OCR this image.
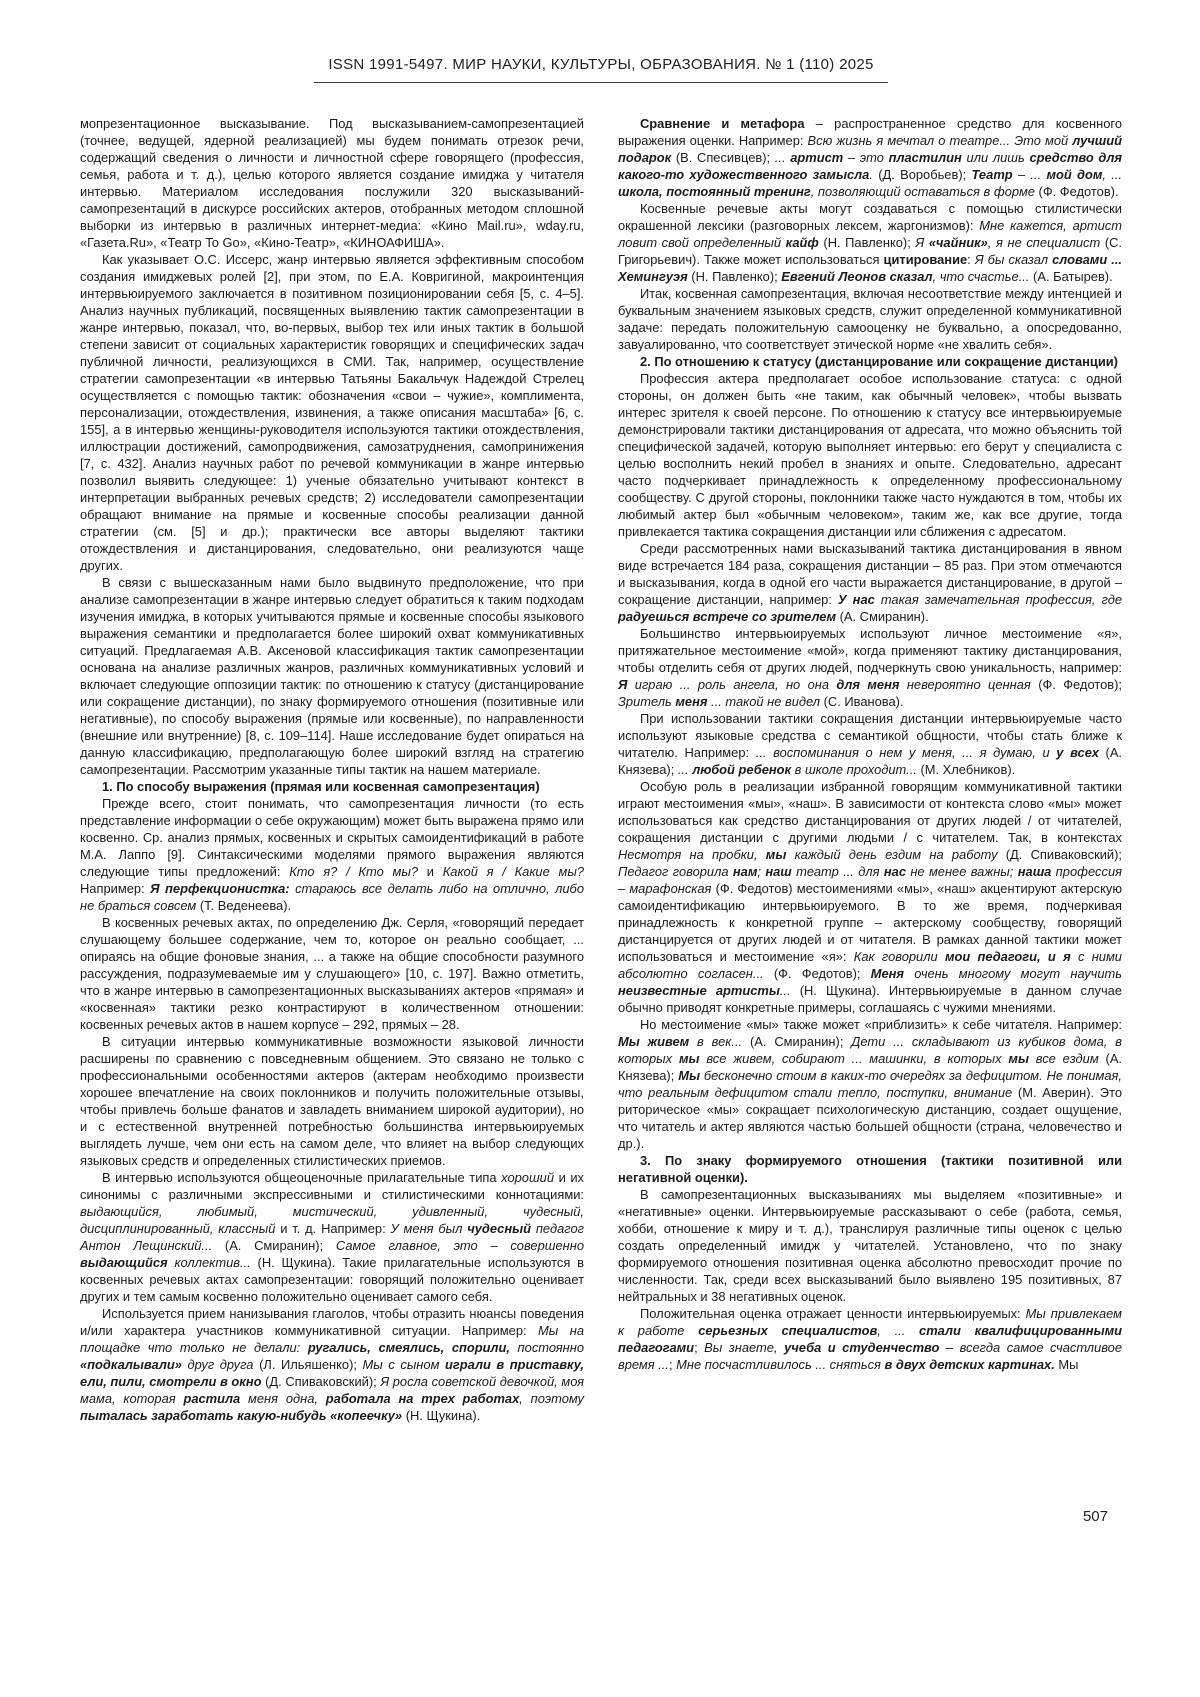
ISSN 1991-5497. МИР НАУКИ, КУЛЬТУРЫ, ОБРАЗОВАНИЯ. № 1 (110) 2025

мопрезентационное высказывание. Под высказыванием-самопрезентацией (точнее, ведущей, ядерной реализацией) мы будем понимать отрезок речи, содержащий сведения о личности и личностной сфере говорящего (профессия, семья, работа и т. д.), целью которого является создание имиджа у читателя интервью. Материалом исследования послужили 320 высказываний-самопрезентаций в дискурсе российских актеров, отобранных методом сплошной выборки из интервью в различных интернет-медиа: «Кино Mail.ru», wday.ru, «Газета.Ru», «Театр To Go», «Кино-Театр», «КИНОАФИША».

Как указывает О.С. Иссерс, жанр интервью является эффективным способом создания имиджевых ролей [2], при этом, по Е.А. Ковригиной, макроинтенция интервьюируемого заключается в позитивном позиционировании себя [5, с. 4–5]. Анализ научных публикаций, посвященных выявлению тактик самопрезентации в жанре интервью, показал, что, во-первых, выбор тех или иных тактик в большой степени зависит от социальных характеристик говорящих и специфических задач публичной личности, реализующихся в СМИ. Так, например, осуществление стратегии самопрезентации «в интервью Татьяны Бакальчук Надеждой Стрелец осуществляется с помощью тактик: обозначения «свои – чужие», комплимента, персонализации, отождествления, извинения, а также описания масштаба» [6, с. 155], а в интервью женщины-руководителя используются тактики отождествления, иллюстрации достижений, самопродвижения, самозатруднения, самопринижения [7, с. 432]. Анализ научных работ по речевой коммуникации в жанре интервью позволил выявить следующее: 1) ученые обязательно учитывают контекст в интерпретации выбранных речевых средств; 2) исследователи самопрезентации обращают внимание на прямые и косвенные способы реализации данной стратегии (см. [5] и др.); практически все авторы выделяют тактики отождествления и дистанцирования, следовательно, они реализуются чаще других.

В связи с вышесказанным нами было выдвинуто предположение, что при анализе самопрезентации в жанре интервью следует обратиться к таким подходам изучения имиджа, в которых учитываются прямые и косвенные способы языкового выражения семантики и предполагается более широкий охват коммуникативных ситуаций. Предлагаемая А.В. Аксеновой классификация тактик самопрезентации основана на анализе различных жанров, различных коммуникативных условий и включает следующие оппозиции тактик: по отношению к статусу (дистанцирование или сокращение дистанции), по знаку формируемого отношения (позитивные или негативные), по способу выражения (прямые или косвенные), по направленности (внешние или внутренние) [8, с. 109–114]. Наше исследование будет опираться на данную классификацию, предполагающую более широкий взгляд на стратегию самопрезентации. Рассмотрим указанные типы тактик на нашем материале.

1. По способу выражения (прямая или косвенная самопрезентация)

Прежде всего, стоит понимать, что самопрезентация личности (то есть представление информации о себе окружающим) может быть выражена прямо или косвенно. Ср. анализ прямых, косвенных и скрытых самоидентификаций в работе М.А. Лаппо [9]. Синтаксическими моделями прямого выражения являются следующие типы предложений: Кто я? / Кто мы? и Какой я / Какие мы? Например: Я перфекционистка: стараюсь все делать либо на отлично, либо не браться совсем (Т. Веденеева).

В косвенных речевых актах, по определению Дж. Серля, «говорящий передает слушающему большее содержание, чем то, которое он реально сообщает, ... опираясь на общие фоновые знания, ... а также на общие способности разумного рассуждения, подразумеваемые им у слушающего» [10, с. 197]. Важно отметить, что в жанре интервью в самопрезентационных высказываниях актеров «прямая» и «косвенная» тактики резко контрастируют в количественном отношении: косвенных речевых актов в нашем корпусе – 292, прямых – 28.

В ситуации интервью коммуникативные возможности языковой личности расширены по сравнению с повседневным общением. Это связано не только с профессиональными особенностями актеров (актерам необходимо произвести хорошее впечатление на своих поклонников и получить положительные отзывы, чтобы привлечь больше фанатов и завладеть вниманием широкой аудитории), но и с естественной внутренней потребностью большинства интервьюируемых выглядеть лучше, чем они есть на самом деле, что влияет на выбор следующих языковых средств и определенных стилистических приемов.

В интервью используются общеоценочные прилагательные типа хороший и их синонимы с различными экспрессивными и стилистическими коннотациями: выдающийся, любимый, мистический, удивленный, чудесный, дисциплинированный, классный и т. д. Например: У меня был чудесный педагог Антон Лещинский... (А. Смиранин); Самое главное, это – совершенно выдающийся коллектив... (Н. Щукина). Такие прилагательные используются в косвенных речевых актах самопрезентации: говорящий положительно оценивает других и тем самым косвенно положительно оценивает самого себя.

Используется прием нанизывания глаголов, чтобы отразить нюансы поведения и/или характера участников коммуникативной ситуации. Например: Мы на площадке что только не делали: ругались, смеялись, спорили, постоянно «подкалывали» друг друга (Л. Ильяшенко); Мы с сыном играли в приставку, ели, пили, смотрели в окно (Д. Спиваковский); Я росла советской девочкой, моя мама, которая растила меня одна, работала на трех работах, поэтому пыталась заработать какую-нибудь «копеечку» (Н. Щукина).

Сравнение и метафора – распространенное средство для косвенного выражения оценки. Например: Всю жизнь я мечтал о театре... Это мой лучший подарок (В. Спесивцев); ... артист – это пластилин или лишь средство для какого-то художественного замысла. (Д. Воробьев); Театр – ... мой дом, ... школа, постоянный тренинг, позволяющий оставаться в форме (Ф. Федотов).

Косвенные речевые акты могут создаваться с помощью стилистически окрашенной лексики (разговорных лексем, жаргонизмов): Мне кажется, артист ловит свой определенный кайф (Н. Павленко); Я «чайник», я не специалист (С. Григорьевич). Также может использоваться цитирование: Я бы сказал словами ... Хемингуэя (Н. Павленко); Евгений Леонов сказал, что счастье... (А. Батырев).

Итак, косвенная самопрезентация, включая несоответствие между интенцией и буквальным значением языковых средств, служит определенной коммуникативной задаче: передать положительную самооценку не буквально, а опосредованно, завуалированно, что соответствует этической норме «не хвалить себя».

2. По отношению к статусу (дистанцирование или сокращение дистанции)

Профессия актера предполагает особое использование статуса: с одной стороны, он должен быть «не таким, как обычный человек», чтобы вызвать интерес зрителя к своей персоне. По отношению к статусу все интервьюируемые демонстрировали тактики дистанцирования от адресата, что можно объяснить той специфической задачей, которую выполняет интервью: его берут у специалиста с целью восполнить некий пробел в знаниях и опыте. Следовательно, адресант часто подчеркивает принадлежность к определенному профессиональному сообществу. С другой стороны, поклонники также часто нуждаются в том, чтобы их любимый актер был «обычным человеком», таким же, как все другие, тогда привлекается тактика сокращения дистанции или сближения с адресатом.

Среди рассмотренных нами высказываний тактика дистанцирования в явном виде встречается 184 раза, сокращения дистанции – 85 раз. При этом отмечаются и высказывания, когда в одной его части выражается дистанцирование, в другой – сокращение дистанции, например: У нас такая замечательная профессия, где радуешься встрече со зрителем (А. Смиранин).

Большинство интервьюируемых используют личное местоимение «я», притяжательное местоимение «мой», когда применяют тактику дистанцирования, чтобы отделить себя от других людей, подчеркнуть свою уникальность, например: Я играю ... роль ангела, но она для меня невероятно ценная (Ф. Федотов); Зритель меня ... такой не видел (С. Иванова).

При использовании тактики сокращения дистанции интервьюируемые часто используют языковые средства с семантикой общности, чтобы стать ближе к читателю. Например: ... воспоминания о нем у меня, ... я думаю, и у всех (А. Князева); ... любой ребенок в школе проходит... (М. Хлебников).

Особую роль в реализации избранной говорящим коммуникативной тактики играют местоимения «мы», «наш». В зависимости от контекста слово «мы» может использоваться как средство дистанцирования от других людей / от читателей, сокращения дистанции с другими людьми / с читателем. Так, в контекстах Несмотря на пробки, мы каждый день ездим на работу (Д. Спиваковский); Педагог говорила нам; наш театр ... для нас не менее важны; наша профессия – марафонская (Ф. Федотов) местоимениями «мы», «наш» акцентируют актерскую самоидентификацию интервьюируемого. В то же время, подчеркивая принадлежность к конкретной группе – актерскому сообществу, говорящий дистанцируется от других людей и от читателя. В рамках данной тактики может использоваться и местоимение «я»: Как говорили мои педагоги, и я с ними абсолютно согласен... (Ф. Федотов); Меня очень многому могут научить неизвестные артисты... (Н. Щукина). Интервьюируемые в данном случае обычно приводят конкретные примеры, соглашаясь с чужими мнениями.

Но местоимение «мы» также может «приблизить» к себе читателя. Например: Мы живем в век... (А. Смиранин); Дети ... складывают из кубиков дома, в которых мы все живем, собирают ... машинки, в которых мы все ездим (А. Князева); Мы бесконечно стоим в каких-то очередях за дефицитом. Не понимая, что реальным дефицитом стали тепло, поступки, внимание (М. Аверин). Это риторическое «мы» сокращает психологическую дистанцию, создает ощущение, что читатель и актер являются частью большей общности (страна, человечество и др.).

3. По знаку формируемого отношения (тактики позитивной или негативной оценки).

В самопрезентационных высказываниях мы выделяем «позитивные» и «негативные» оценки. Интервьюируемые рассказывают о себе (работа, семья, хобби, отношение к миру и т. д.), транслируя различные типы оценок с целью создать определенный имидж у читателей. Установлено, что по знаку формируемого отношения позитивная оценка абсолютно превосходит прочие по численности. Так, среди всех высказываний было выявлено 195 позитивных, 87 нейтральных и 38 негативных оценок.

Положительная оценка отражает ценности интервьюируемых: Мы привлекаем к работе серьезных специалистов, ... стали квалифицированными педагогами; Вы знаете, учеба и студенчество – всегда самое счастливое время ...; Мне посчастливилось ... сняться в двух детских картинах. Мы

507
